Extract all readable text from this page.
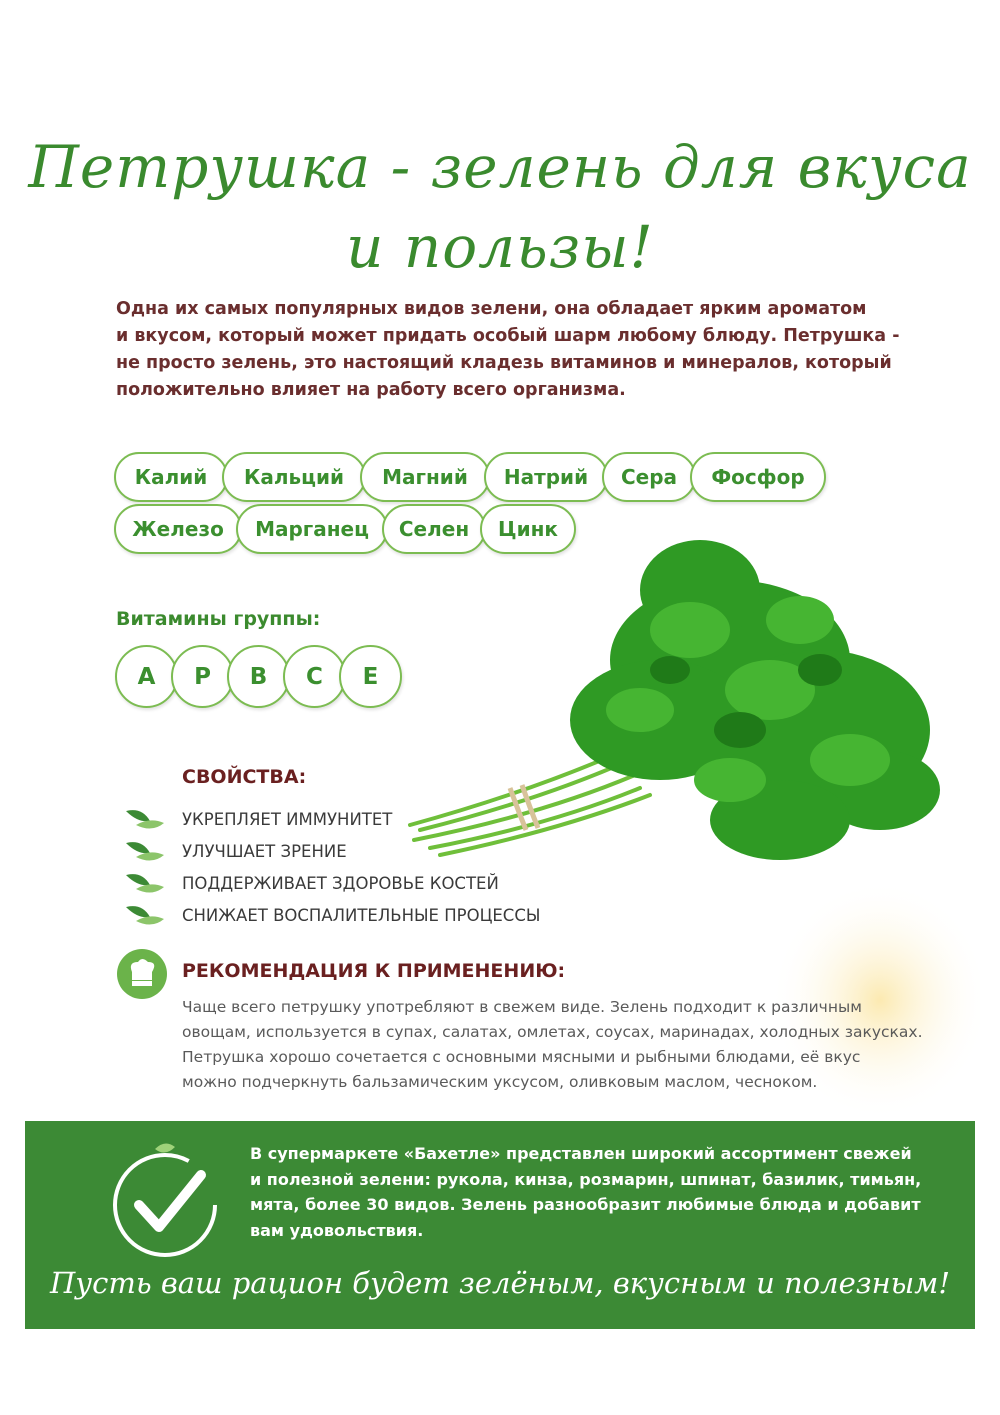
Петрушка - зелень для вкуса
и пользы!
Одна их самых популярных видов зелени, она обладает ярким ароматом
и вкусом, который может придать особый шарм любому блюду. Петрушка -
не просто зелень, это настоящий кладезь витаминов и минералов, который
положительно влияет на работу всего организма.
Калий	Кальций	Магний	Натрий	Сера	Фосфор
Железо	Марганец	Селен	Цинк
Витамины группы:
A	P	B	C	E
СВОЙСТВА:
УКРЕПЛЯЕТ ИММУНИТЕТ
УЛУЧШАЕТ ЗРЕНИЕ
ПОДДЕРЖИВАЕТ ЗДОРОВЬЕ КОСТЕЙ
СНИЖАЕТ ВОСПАЛИТЕЛЬНЫЕ ПРОЦЕССЫ
РЕКОМЕНДАЦИЯ К ПРИМЕНЕНИЮ:
Чаще всего петрушку употребляют в свежем виде. Зелень подходит к различным
овощам, используется в супах, салатах, омлетах, соусах, маринадах, холодных закусках.
Петрушка хорошо сочетается с основными мясными и рыбными блюдами, её вкус
можно подчеркнуть бальзамическим уксусом, оливковым маслом, чесноком.
В супермаркете «Бахетле» представлен широкий ассортимент свежей
и полезной зелени: рукола, кинза, розмарин, шпинат, базилик, тимьян,
мята, более 30 видов. Зелень разнообразит любимые блюда и добавит
вам удовольствия.
Пусть ваш рацион будет зелёным, вкусным и полезным!
